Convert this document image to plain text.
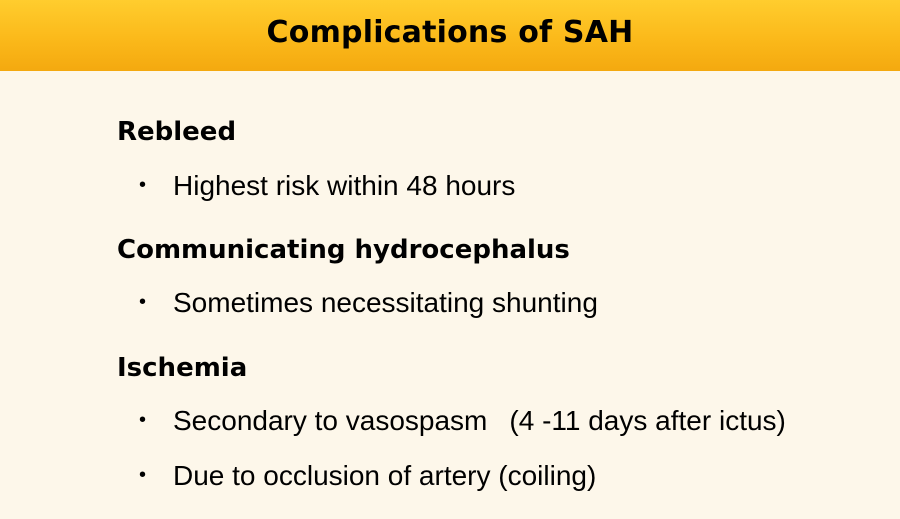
Complications of SAH
Rebleed
• Highest risk within 48 hours
Communicating hydrocephalus
• Sometimes necessitating shunting
Ischemia
• Secondary to vasospasm (4 -11 days after ictus)
• Due to occlusion of artery (coiling)
